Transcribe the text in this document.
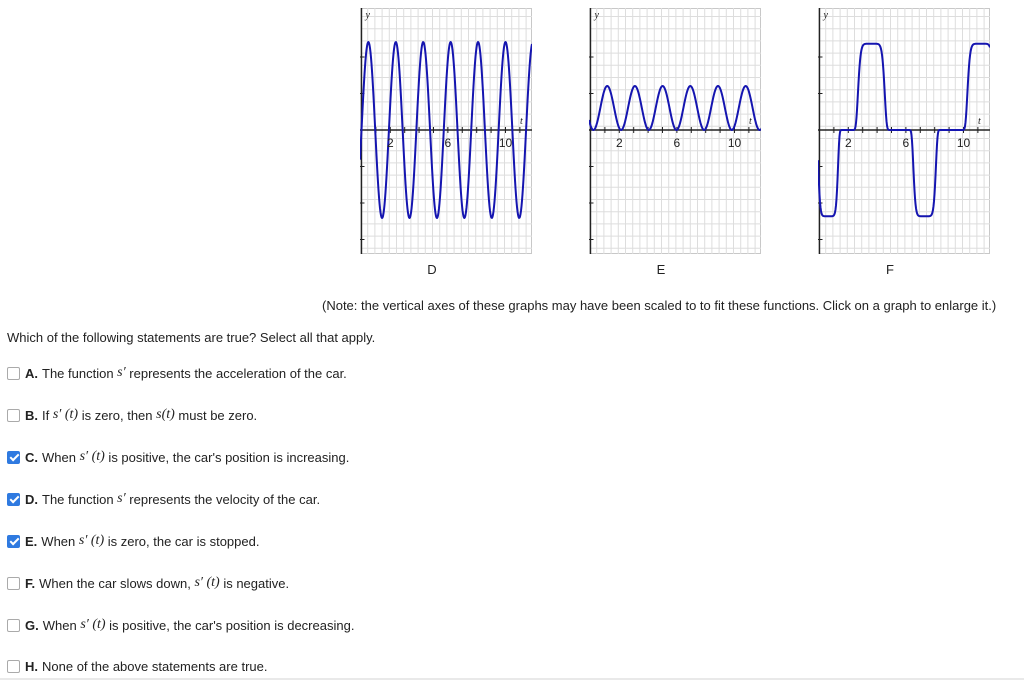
y
t
2	6	10
y
t
2	6	10
y
t
2	6	10
D	E	F
(Note: the vertical axes of these graphs may have been scaled to to fit these functions. Click on a graph to enlarge it.)
Which of the following statements are true? Select all that apply.
A. The function s′ represents the acceleration of the car.
B. If s′ (t) is zero, then s(t) must be zero.
C. When s′ (t) is positive, the car's position is increasing.
D. The function s′ represents the velocity of the car.
E. When s′ (t) is zero, the car is stopped.
F. When the car slows down, s′ (t) is negative.
G. When s′ (t) is positive, the car's position is decreasing.
H. None of the above statements are true.
